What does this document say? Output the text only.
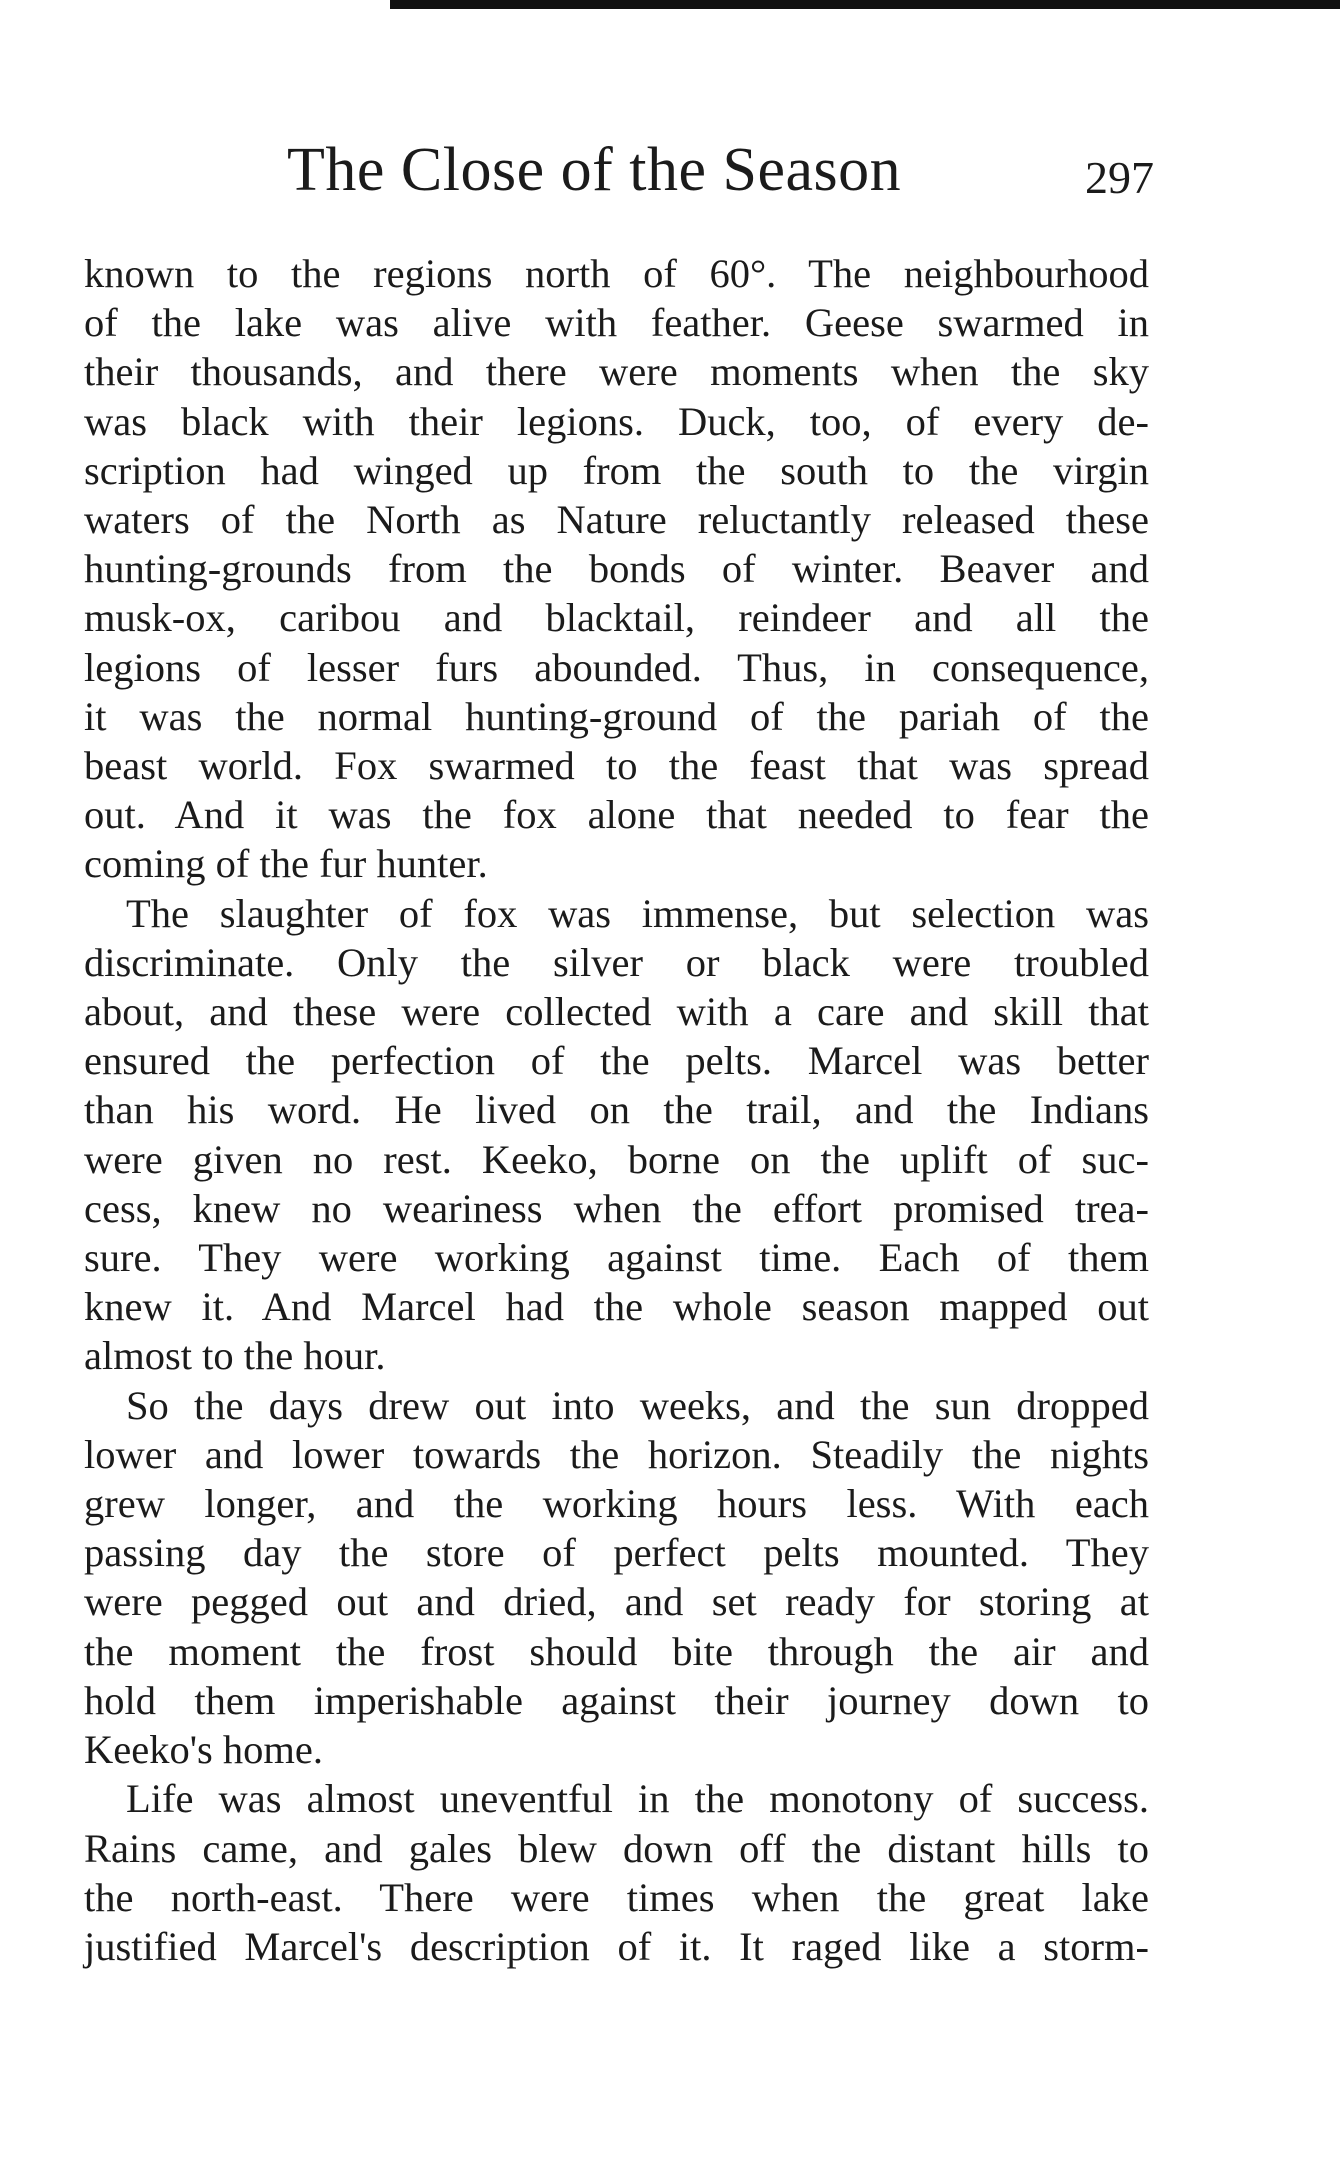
The Close of the Season	297
known to the regions north of 60°. The neighbourhood
of the lake was alive with feather. Geese swarmed in
their thousands, and there were moments when the sky
was black with their legions. Duck, too, of every de-
scription had winged up from the south to the virgin
waters of the North as Nature reluctantly released these
hunting-grounds from the bonds of winter. Beaver and
musk-ox, caribou and blacktail, reindeer and all the
legions of lesser furs abounded. Thus, in consequence,
it was the normal hunting-ground of the pariah of the
beast world. Fox swarmed to the feast that was spread
out. And it was the fox alone that needed to fear the
coming of the fur hunter.
The slaughter of fox was immense, but selection was
discriminate. Only the silver or black were troubled
about, and these were collected with a care and skill that
ensured the perfection of the pelts. Marcel was better
than his word. He lived on the trail, and the Indians
were given no rest. Keeko, borne on the uplift of suc-
cess, knew no weariness when the effort promised trea-
sure. They were working against time. Each of them
knew it. And Marcel had the whole season mapped out
almost to the hour.
So the days drew out into weeks, and the sun dropped
lower and lower towards the horizon. Steadily the nights
grew longer, and the working hours less. With each
passing day the store of perfect pelts mounted. They
were pegged out and dried, and set ready for storing at
the moment the frost should bite through the air and
hold them imperishable against their journey down to
Keeko's home.
Life was almost uneventful in the monotony of success.
Rains came, and gales blew down off the distant hills to
the north-east. There were times when the great lake
justified Marcel's description of it. It raged like a storm-
